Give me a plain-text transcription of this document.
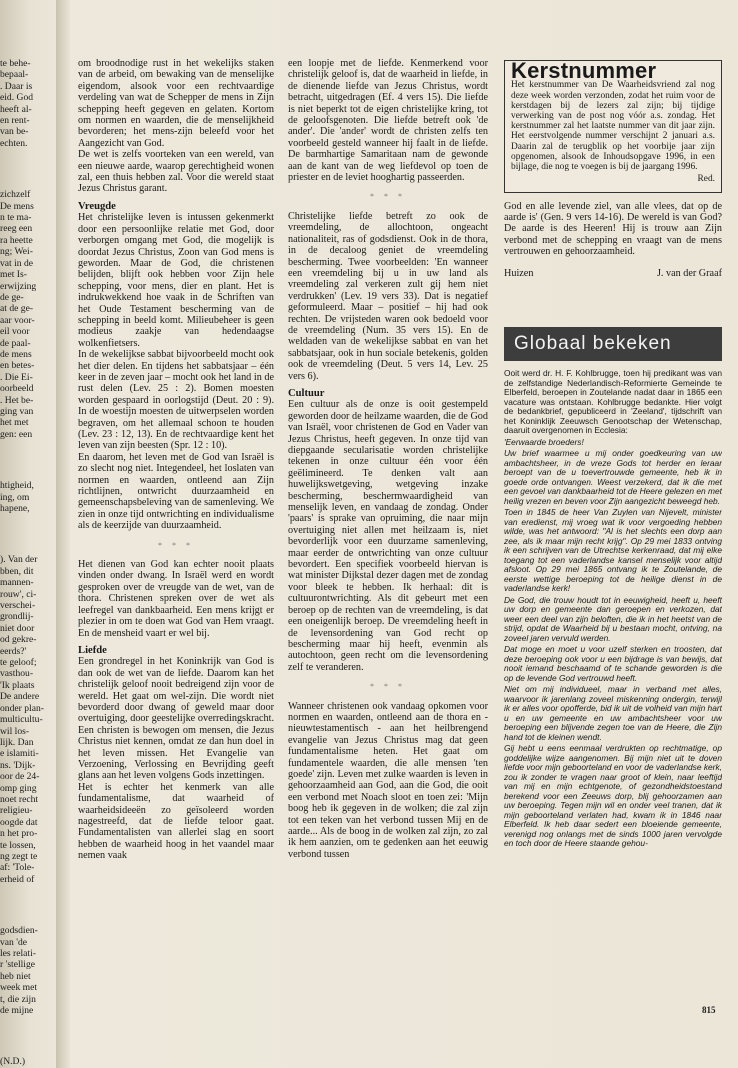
te behe-
bepaal-
. Daar is
eid. God
heeft al-
en rent-
van be-
echten.
zichzelf
De mens
n te ma-
reeg een
ra heette
ng; Wei-
vat in de
met Is-
erwijzing
de ge-
at de ge-
aar voor-
eil voor
de paal-
de mens
en betes-
. Die Ei-
oorbeeld
. Het be-
ging van
het met
gen: een
htigheid,
ing, om
hapene,
). Van der
bben, dit
mannen-
rouw', ci-
verschei-
grondlij-
niet door
od gekre-
eerds?'
te geloof;
vasthou-
'Ik plaats
De andere
onder plan-
multicultu-
wil los-
lijk. Dan
e islamiti-
ns. 'Dijk-
oor de 24-
omp ging
noet recht
religieu-
oogde dat
n het pro-
te lossen,
ng zegt te
af: 'Tole-
erheid of
godsdien-
van 'de
les relati-
r 'stellige
heb niet
week met
t, die zijn
de mijne
(N.D.)

om broodnodige rust in het wekelijks staken van de arbeid, om bewaking van de menselijke eigendom, alsook voor een rechtvaardige verdeling van wat de Schepper de mens in Zijn schepping heeft gegeven en gelaten. Kortom om normen en waarden, die de menselijkheid bevorderen; het mens-zijn beleefd voor het Aangezicht van God.

De wet is zelfs voorteken van een wereld, van een nieuwe aarde, waarop gerechtigheid wonen zal, een thuis hebben zal. Voor die wereld staat Jezus Christus garant.

Vreugde

Het christelijke leven is intussen gekenmerkt door een persoonlijke relatie met God, door verborgen omgang met God, die mogelijk is doordat Jezus Christus, Zoon van God mens is geworden. Maar de God, die christenen belijden, blijft ook hebben voor Zijn hele schepping, voor mens, dier en plant. Het is indrukwekkend hoe vaak in de Schriften van het Oude Testament bescherming van de schepping in beeld komt. Milieubeheer is geen modieus zaakje van hedendaagse wolkenfietsers.

In de wekelijkse sabbat bijvoorbeeld mocht ook het dier delen. En tijdens het sabbatsjaar – één keer in de zeven jaar – mocht ook het land in de rust delen (Lev. 25 : 2). Bomen moesten worden gespaard in oorlogstijd (Deut. 20 : 9). In de woestijn moesten de uitwerpselen worden begraven, om het allemaal schoon te houden (Lev. 23 : 12, 13). En de rechtvaardige kent het leven van zijn beesten (Spr. 12 : 10).

En daarom, het leven met de God van Israël is zo slecht nog niet. Integendeel, het loslaten van normen en waarden, ontleend aan Zijn richtlijnen, ontwricht duurzaamheid en gemeenschapsbeleving van de samenleving. We zien in onze tijd ontwrichting en individualisme als de keerzijde van duurzaamheid.

* * *

Het dienen van God kan echter nooit plaats vinden onder dwang. In Israël werd en wordt gesproken over de vreugde van de wet, van de thora. Christenen spreken over de wet als leefregel van dankbaarheid. Een mens krijgt er plezier in om te doen wat God van Hem vraagt. En de mensheid vaart er wel bij.

Liefde

Een grondregel in het Koninkrijk van God is dan ook de wet van de liefde. Daarom kan het christelijk geloof nooit bedreigend zijn voor de wereld. Het gaat om wel-zijn. Die wordt niet bevorderd door dwang of geweld maar door overtuiging, door geestelijke overredingskracht. Een christen is bewogen om mensen, die Jezus Christus niet kennen, omdat ze dan hun doel in het leven missen. Het Evangelie van Verzoening, Verlossing en Bevrijding geeft glans aan het leven volgens Gods inzettingen.

Het is echter het kenmerk van alle fundamentalisme, dat waarheid of waarheidsideeën zo geïsoleerd worden nagestreefd, dat de liefde teloor gaat. Fundamentalisten van allerlei slag en soort hebben de waarheid hoog in het vaandel maar nemen vaak

een loopje met de liefde. Kenmerkend voor christelijk geloof is, dat de waarheid in liefde, in de dienende liefde van Jezus Christus, wordt betracht, uitgedragen (Ef. 4 vers 15). Die liefde is niet beperkt tot de eigen christelijke kring, tot de geloofsgenoten. Die liefde betreft ook 'de ander'. Die 'ander' wordt de christen zelfs ten voorbeeld gesteld wanneer hij faalt in de liefde. De barmhartige Samaritaan nam de gewonde aan de kant van de weg liefdevol op toen de priester en de leviet hooghartig passeerden.

* * *

Christelijke liefde betreft zo ook de vreemdeling, de allochtoon, ongeacht nationaliteit, ras of godsdienst. Ook in de thora, in de decaloog geniet de vreemdeling bescherming. Twee voorbeelden: 'En wanneer een vreemdeling bij u in uw land als vreemdeling zal verkeren zult gij hem niet verdrukken' (Lev. 19 vers 33). Dat is negatief geformuleerd. Maar – positief – hij had ook rechten. De vrijsteden waren ook bedoeld voor de vreemdeling (Num. 35 vers 15). En de weldaden van de wekelijkse sabbat en van het sabbatsjaar, ook in hun sociale betekenis, golden ook de vreemdeling (Deut. 5 vers 14, Lev. 25 vers 6).

Cultuur

Een cultuur als de onze is ooit gestempeld geworden door de heilzame waarden, die de God van Israël, voor christenen de God en Vader van Jezus Christus, heeft gegeven. In onze tijd van diepgaande secularisatie worden christelijke tekenen in onze cultuur één voor één geëlimineerd. Te denken valt aan huwelijkswetgeving, wetgeving inzake bescherming, beschermwaardigheid van menselijk leven, en vandaag de zondag. Onder 'paars' is sprake van opruiming, die naar mijn overtuiging niet allen met heilzaam is, niet bevorderlijk voor een duurzame samenleving, maar eerder de ontwrichting van onze cultuur bevordert. Een specifiek voorbeeld hiervan is wat minister Dijkstal dezer dagen met de zondag voor bleek te hebben. Ik herhaal: dit is cultuurontwrichting. Als dit gebeurt met een beroep op de rechten van de vreemdeling, is dat een oneigenlijk beroep. De vreemdeling heeft in de levensordening van God recht op bescherming maar hij heeft, evenmin als autochtoon, geen recht om die levensordening zelf te veranderen.

* * *

Wanneer christenen ook vandaag opkomen voor normen en waarden, ontleend aan de thora en - nieuwtestamentisch - aan het heilbrengend evangelie van Jezus Christus mag dat geen fundamentalisme heten. Het gaat om fundamentele waarden, die alle mensen 'ten goede' zijn. Leven met zulke waarden is leven in gehoorzaamheid aan God, aan die God, die ooit een verbond met Noach sloot en toen zei: 'Mijn boog heb ik gegeven in de wolken; die zal zijn tot een teken van het verbond tussen Mij en de aarde... Als de boog in de wolken zal zijn, zo zal ik hem aanzien, om te gedenken aan het eeuwig verbond tussen

Kerstnummer
Het kerstnummer van De Waarheidsvriend zal nog deze week worden verzonden, zodat het ruim voor de kerstdagen bij de lezers zal zijn; bij tijdige verwerking van de post nog vóór a.s. zondag. Het kerstnummer zal het laatste nummer van dit jaar zijn. Het eerstvolgende nummer verschijnt 2 januari a.s. Daarin zal de terugblik op het voorbije jaar zijn opgenomen, alsook de Inhoudsopgave 1996, in een bijlage, die nog te voegen is bij de jaargang 1996.
Red.

God en alle levende ziel, van alle vlees, dat op de aarde is' (Gen. 9 vers 14-16). De wereld is van God? De aarde is des Heeren! Hij is trouw aan Zijn verbond met de schepping en vraagt van de mens vertrouwen en gehoorzaamheid.

Huizen	J. van der Graaf
Globaal bekeken

Ooit werd dr. H. F. Kohlbrugge, toen hij predikant was van de zelfstandige Nederlandisch-Reformierte Gemeinde te Elberfeld, beroepen in Zoutelande nadat daar in 1865 een vacature was ontstaan. Kohlbrugge bedankte. Hier volgt de bedankbrief, gepubliceerd in 'Zeeland', tijdschrift van het Koninklijk Zeeuwsch Genootschap der Wetenschap, daaruit overgenomen in Ecclesia:

'Eerwaarde broeders!

Uw brief waarmee u mij onder goedkeuring van uw ambachtsheer, in de vreze Gods tot herder en leraar beroept van de u toevertrouwde gemeente, heb ik in goede orde ontvangen. Weest verzekerd, dat ik die met een gevoel van dankbaarheid tot de Heere gelezen en met heilig vrezen en beven voor Zijn aangezicht beweegd heb.

Toen in 1845 de heer Van Zuylen van Nijevelt, minister van eredienst, mij vroeg wat ik voor vergoeding hebben wilde, was het antwoord: "Al is het slechts een dorp aan zee, als ik maar mijn recht krijg". Op 29 mei 1833 ontving ik een schrijven van de Utrechtse kerkenraad, dat mij elke toegang tot een vaderlandse kansel menselijk voor altijd afsloot. Op 29 mei 1865 ontvang ik te Zoutelande, de eerste wettige beroeping tot de heilige dienst in de vaderlandse kerk!

De God, die trouw houdt tot in eeuwigheid, heeft u, heeft uw dorp en gemeente dan geroepen en verkozen, dat weer een deel van zijn beloften, die ik in het heetst van de strijd, opdat de Waarheid bij u bestaan mocht, ontving, na zoveel jaren vervuld werden.

Dat moge en moet u voor uzelf sterken en troosten, dat deze beroeping ook voor u een bijdrage is van bewijs, dat nooit iemand beschaamd of te schande geworden is die op de levende God vertrouwd heeft.

Niet om mij individueel, maar in verband met alles, waarvoor ik jarenlang zoveel miskenning ondergin, terwijl ik er alles voor opofferde, bid ik uit de volheid van mijn hart u en uw gemeente en uw ambachtsheer voor uw beroeping een blijvende zegen toe van de Heere, die Zijn hand tot de kleinen wendt.

Gij hebt u eens eenmaal verdrukten op rechtmatige, op goddelijke wijze aangenomen. Bij mijn niet uit te doven liefde voor mijn geboorteland en voor de vaderlandse kerk, zou ik zonder te vragen naar groot of klein, naar leeftijd van mij en mijn echtgenote, of gezondheidstoestand berekend voor een Zeeuws dorp, blij gehoorzamen aan uw beroeping. Tegen mijn wil en onder veel tranen, dat ik mijn geboorteland verlaten had, kwam ik in 1846 naar Elberfeld. Ik heb daar sedert een bloeiende gemeente, verenigd nog onlangs met de sinds 1000 jaren vervolgde en toch door de Heere staande gehou-

815
